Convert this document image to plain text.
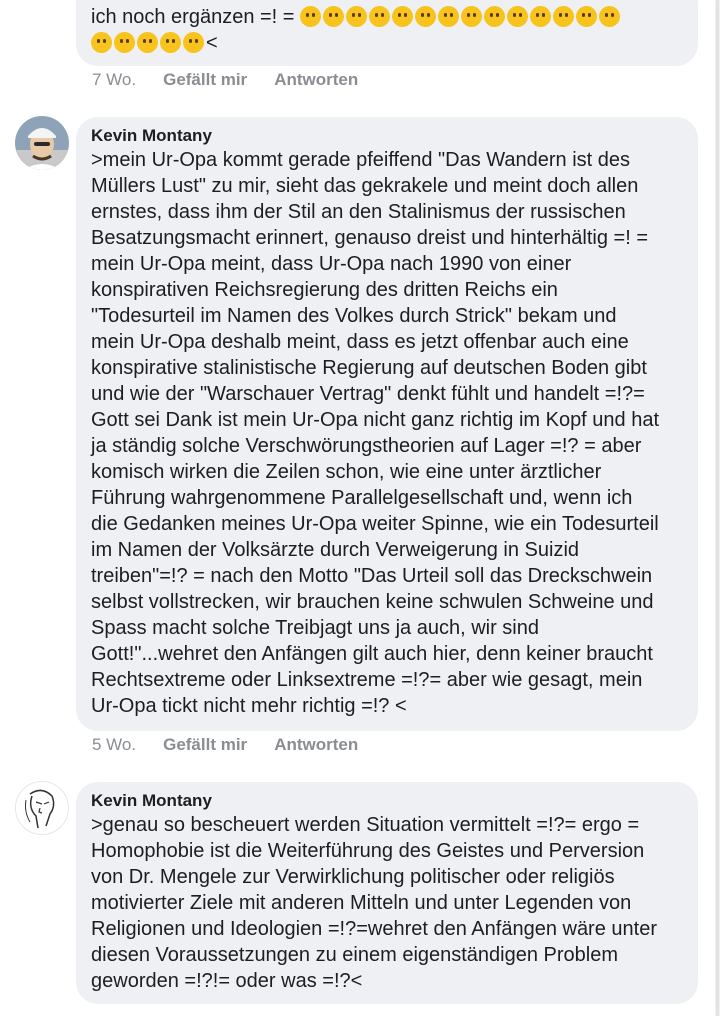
ich noch ergänzen =! =
<
7 Wo. Gefällt mir Antworten
Kevin Montany
>mein Ur-Opa kommt gerade pfeiffend "Das Wandern ist des
Müllers Lust" zu mir, sieht das gekrakele und meint doch allen
ernstes, dass ihm der Stil an den Stalinismus der russischen
Besatzungsmacht erinnert, genauso dreist und hinterhältig =! =
mein Ur-Opa meint, dass Ur-Opa nach 1990 von einer
konspirativen Reichsregierung des dritten Reichs ein
"Todesurteil im Namen des Volkes durch Strick" bekam und
mein Ur-Opa deshalb meint, dass es jetzt offenbar auch eine
konspirative stalinistische Regierung auf deutschen Boden gibt
und wie der "Warschauer Vertrag" denkt fühlt und handelt =!?=
Gott sei Dank ist mein Ur-Opa nicht ganz richtig im Kopf und hat
ja ständig solche Verschwörungstheorien auf Lager =!? = aber
komisch wirken die Zeilen schon, wie eine unter ärztlicher
Führung wahrgenommene Parallelgesellschaft und, wenn ich
die Gedanken meines Ur-Opa weiter Spinne, wie ein Todesurteil
im Namen der Volksärzte durch Verweigerung in Suizid
treiben"=!? = nach den Motto "Das Urteil soll das Dreckschwein
selbst vollstrecken, wir brauchen keine schwulen Schweine und
Spass macht solche Treibjagt uns ja auch, wir sind
Gott!"...wehret den Anfängen gilt auch hier, denn keiner braucht
Rechtsextreme oder Linksextreme =!?= aber wie gesagt, mein
Ur-Opa tickt nicht mehr richtig =!? <
5 Wo. Gefällt mir Antworten
Kevin Montany
>genau so bescheuert werden Situation vermittelt =!?= ergo =
Homophobie ist die Weiterführung des Geistes und Perversion
von Dr. Mengele zur Verwirklichung politischer oder religiös
motivierter Ziele mit anderen Mitteln und unter Legenden von
Religionen und Ideologien =!?=wehret den Anfängen wäre unter
diesen Voraussetzungen zu einem eigenständigen Problem
geworden =!?!= oder was =!?<
